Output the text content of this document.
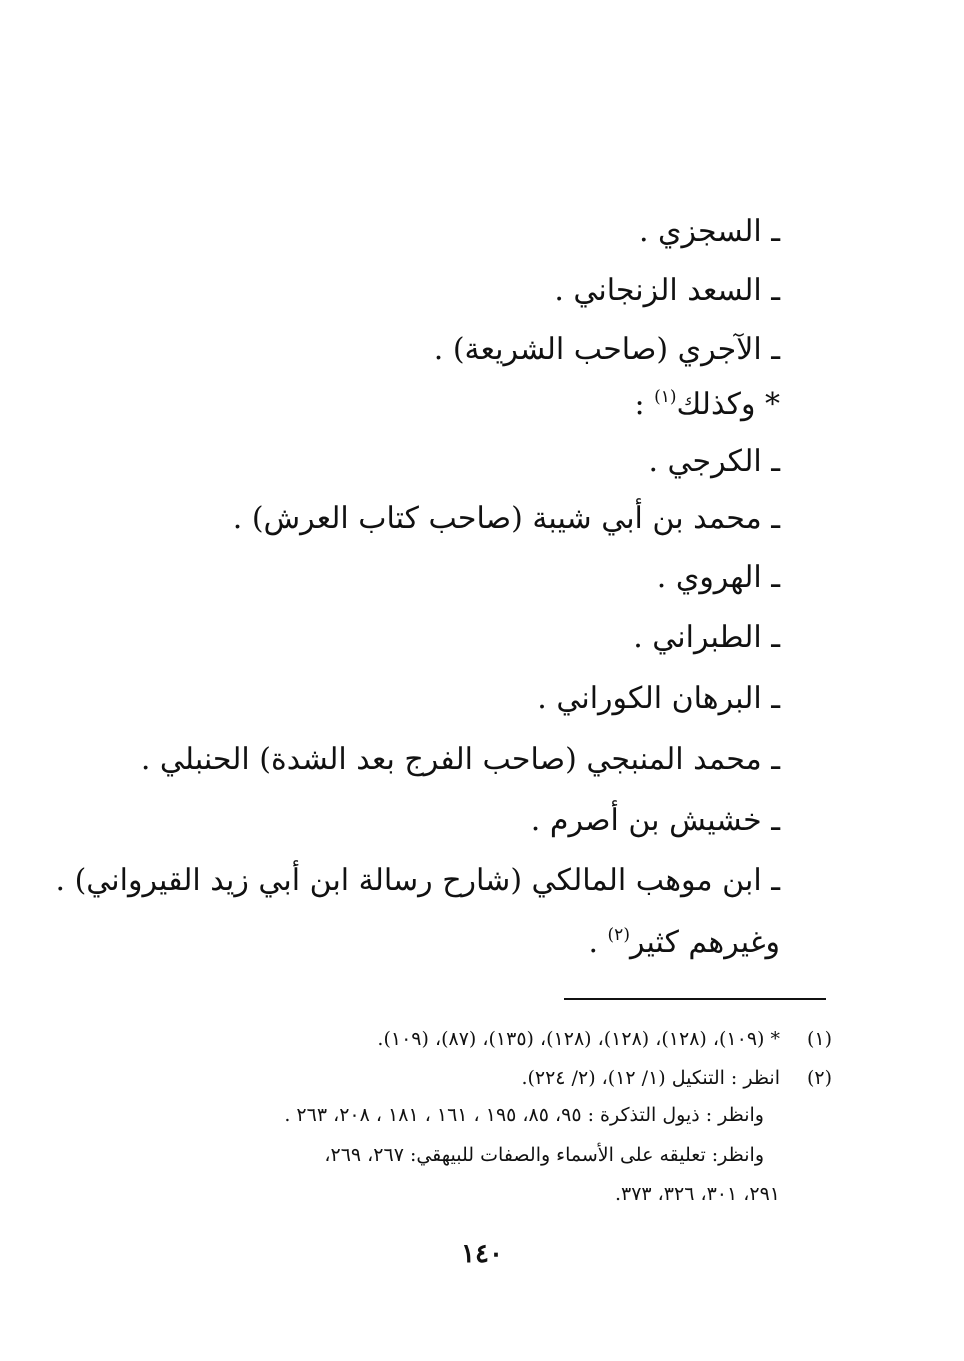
ـ السجزي .
ـ السعد الزنجاني .
ـ الآجري (صاحب الشريعة) .
* وكذلك$^{(١)}$ :
ـ الكرجي .
ـ محمد بن أبي شيبة (صاحب كتاب العرش) .
ـ الهروي .
ـ الطبراني .
ـ البرهان الكوراني .
ـ محمد المنبجي (صاحب الفرج بعد الشدة) الحنبلي .
ـ خشيش بن أصرم .
ـ ابن موهب المالكي (شارح رسالة ابن أبي زيد القيرواني) .
وغيرهم كثير$^{(٢)}$ .
(١)
* (١٠٩)، (١٢٨)، (١٢٨)، (١٢٨)، (١٣٥)، (٨٧)، (١٠٩).
(٢)
انظر : التنكيل (١/ ١٢)، (٢/ ٢٢٤).
وانظر : ذيول التذكرة : ٩٥، ٨٥، ١٩٥ ، ١٦١ ، ١٨١ ، ٢٠٨، ٢٦٣ .
وانظر: تعليقه على الأسماء والصفات للبيهقي: ٢٦٧، ٢٦٩،
٢٩١، ٣٠١، ٣٢٦، ٣٧٣.
١٤٠
